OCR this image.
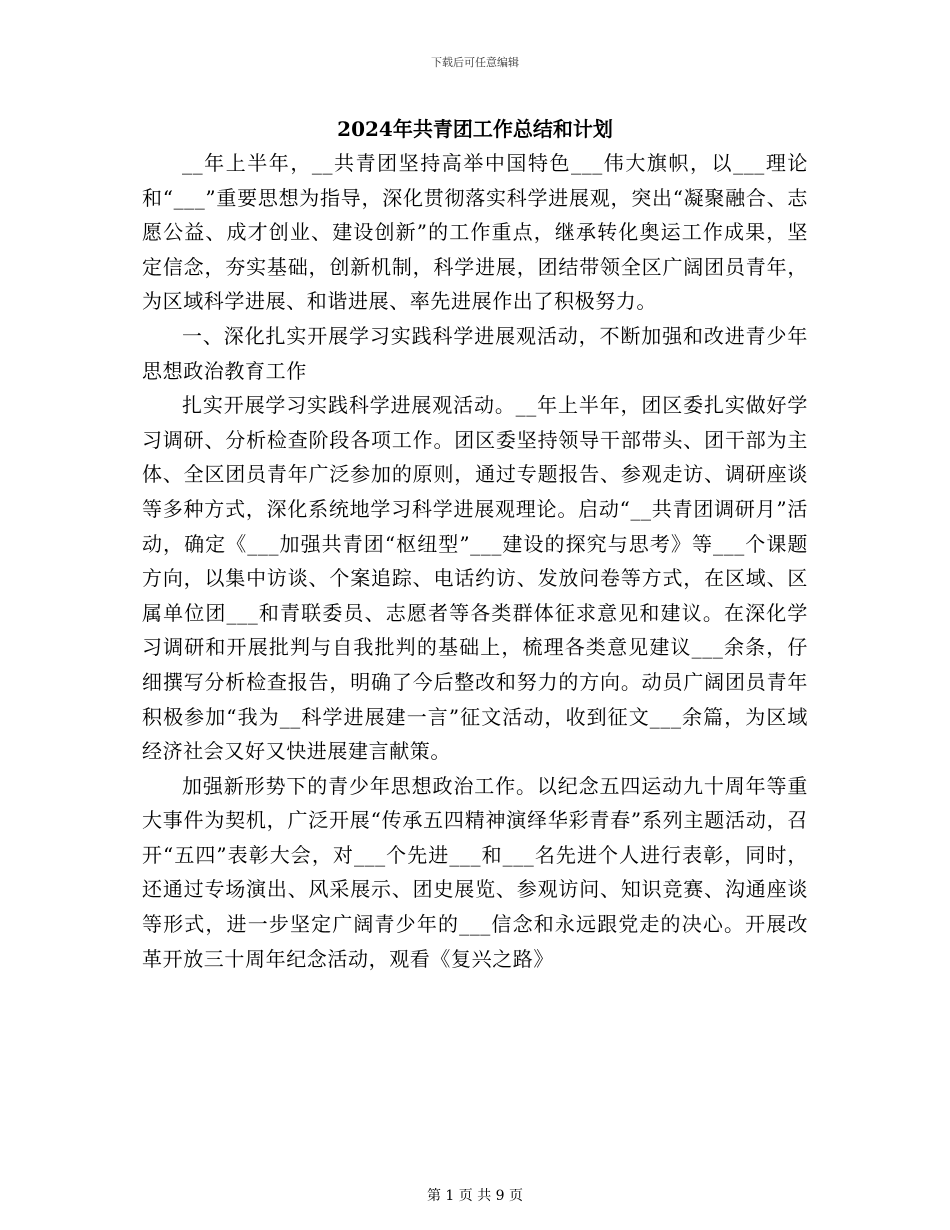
下载后可任意编辑
2024年共青团工作总结和计划

__年上半年，__共青团坚持高举中国特色___伟大旗帜，以___理论和“___”重要思想为指导，深化贯彻落实科学进展观，突出“凝聚融合、志愿公益、成才创业、建设创新”的工作重点，继承转化奥运工作成果，坚定信念，夯实基础，创新机制，科学进展，团结带领全区广阔团员青年，为区域科学进展、和谐进展、率先进展作出了积极努力。

一、深化扎实开展学习实践科学进展观活动，不断加强和改进青少年思想政治教育工作

扎实开展学习实践科学进展观活动。__年上半年，团区委扎实做好学习调研、分析检查阶段各项工作。团区委坚持领导干部带头、团干部为主体、全区团员青年广泛参加的原则，通过专题报告、参观走访、调研座谈等多种方式，深化系统地学习科学进展观理论。启动“__共青团调研月”活动，确定《___加强共青团“枢纽型”___建设的探究与思考》等___个课题方向，以集中访谈、个案追踪、电话约访、发放问卷等方式，在区域、区属单位团___和青联委员、志愿者等各类群体征求意见和建议。在深化学习调研和开展批判与自我批判的基础上，梳理各类意见建议___余条，仔细撰写分析检查报告，明确了今后整改和努力的方向。动员广阔团员青年积极参加“我为__科学进展建一言”征文活动，收到征文___余篇，为区域经济社会又好又快进展建言献策。

加强新形势下的青少年思想政治工作。以纪念五四运动九十周年等重大事件为契机，广泛开展“传承五四精神演绎华彩青春”系列主题活动，召开“五四”表彰大会，对___个先进___和___名先进个人进行表彰，同时，还通过专场演出、风采展示、团史展览、参观访问、知识竞赛、沟通座谈等形式，进一步坚定广阔青少年的___信念和永远跟党走的决心。开展改革开放三十周年纪念活动，观看《复兴之路》

第 1 页 共 9 页
